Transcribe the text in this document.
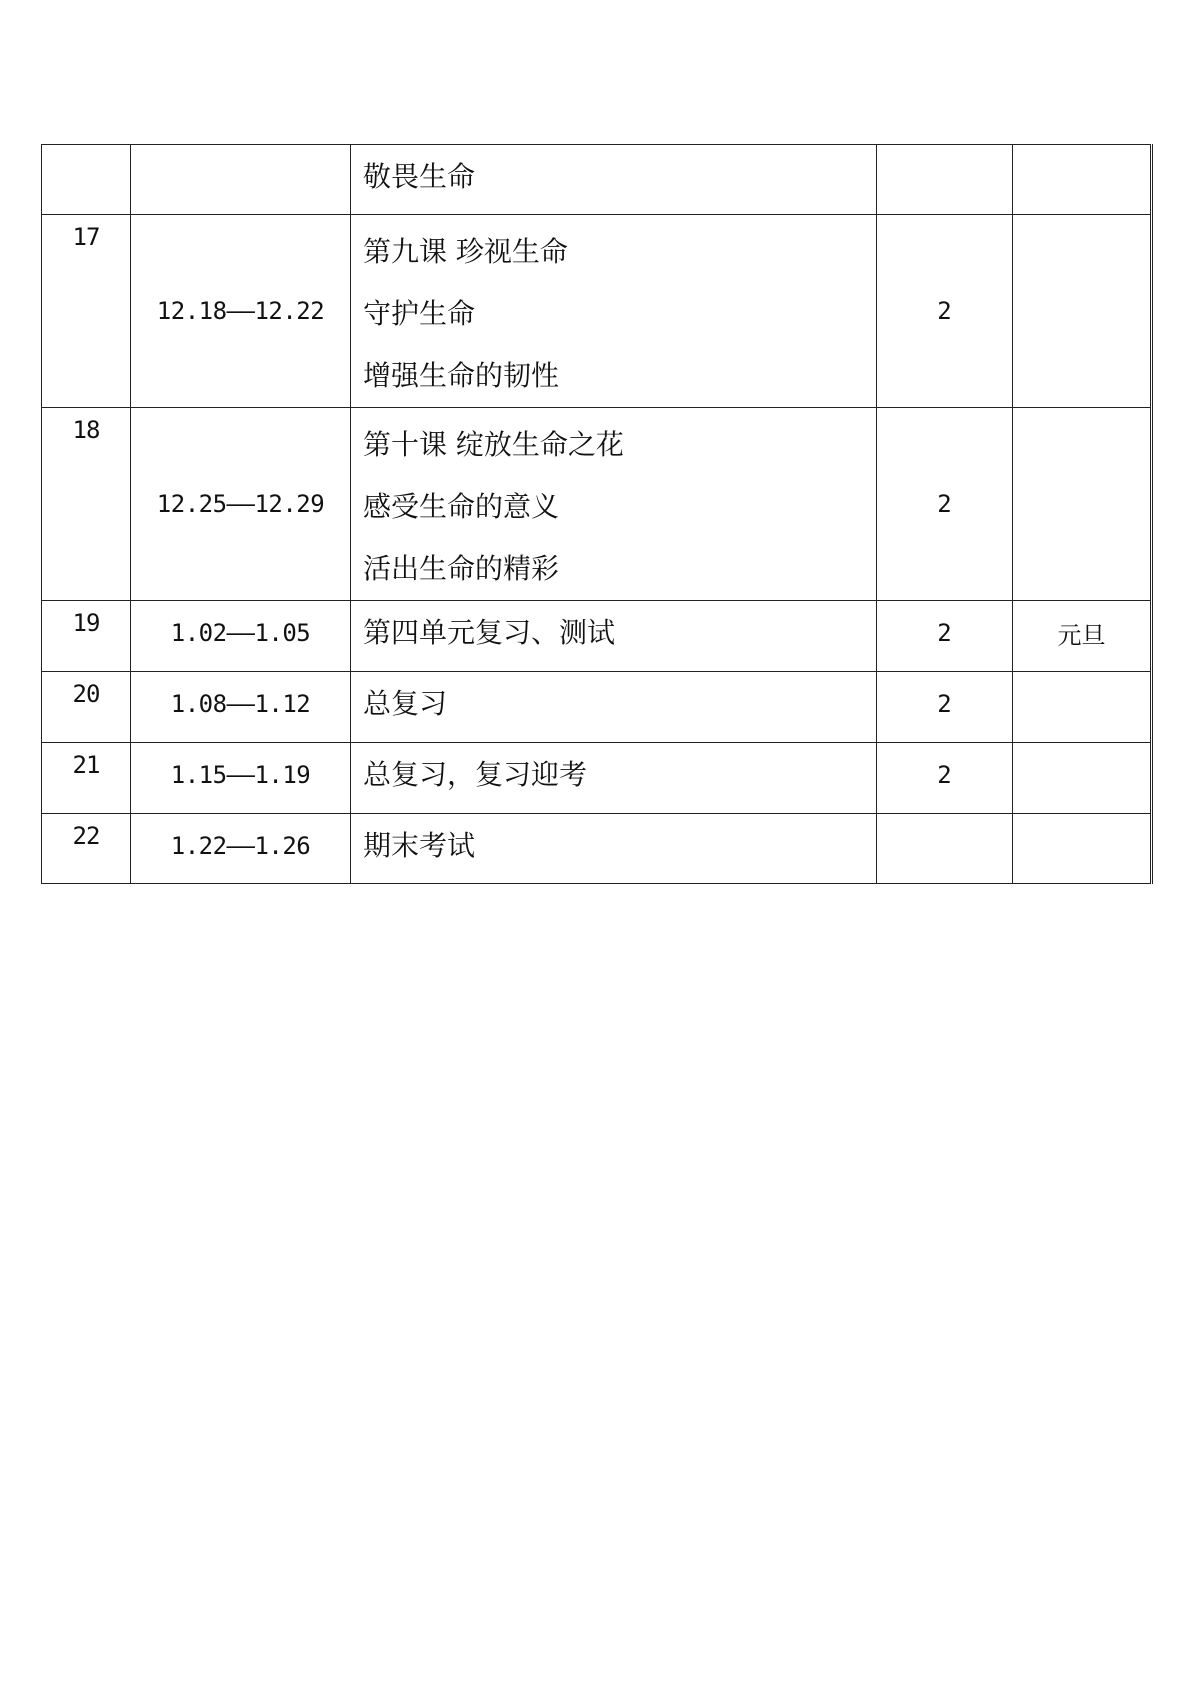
		敬畏生命		

17	12.18——12.22	第九课 珍视生命
守护生命
增强生命的韧性	2	

18	12.25——12.29	第十课 绽放生命之花
感受生命的意义
活出生命的精彩	2	

19	1.02——1.05	第四单元复习、测试	2	元旦

20	1.08——1.12	总复习	2	

21	1.15——1.19	总复习，复习迎考	2	

22	1.22——1.26	期末考试		
